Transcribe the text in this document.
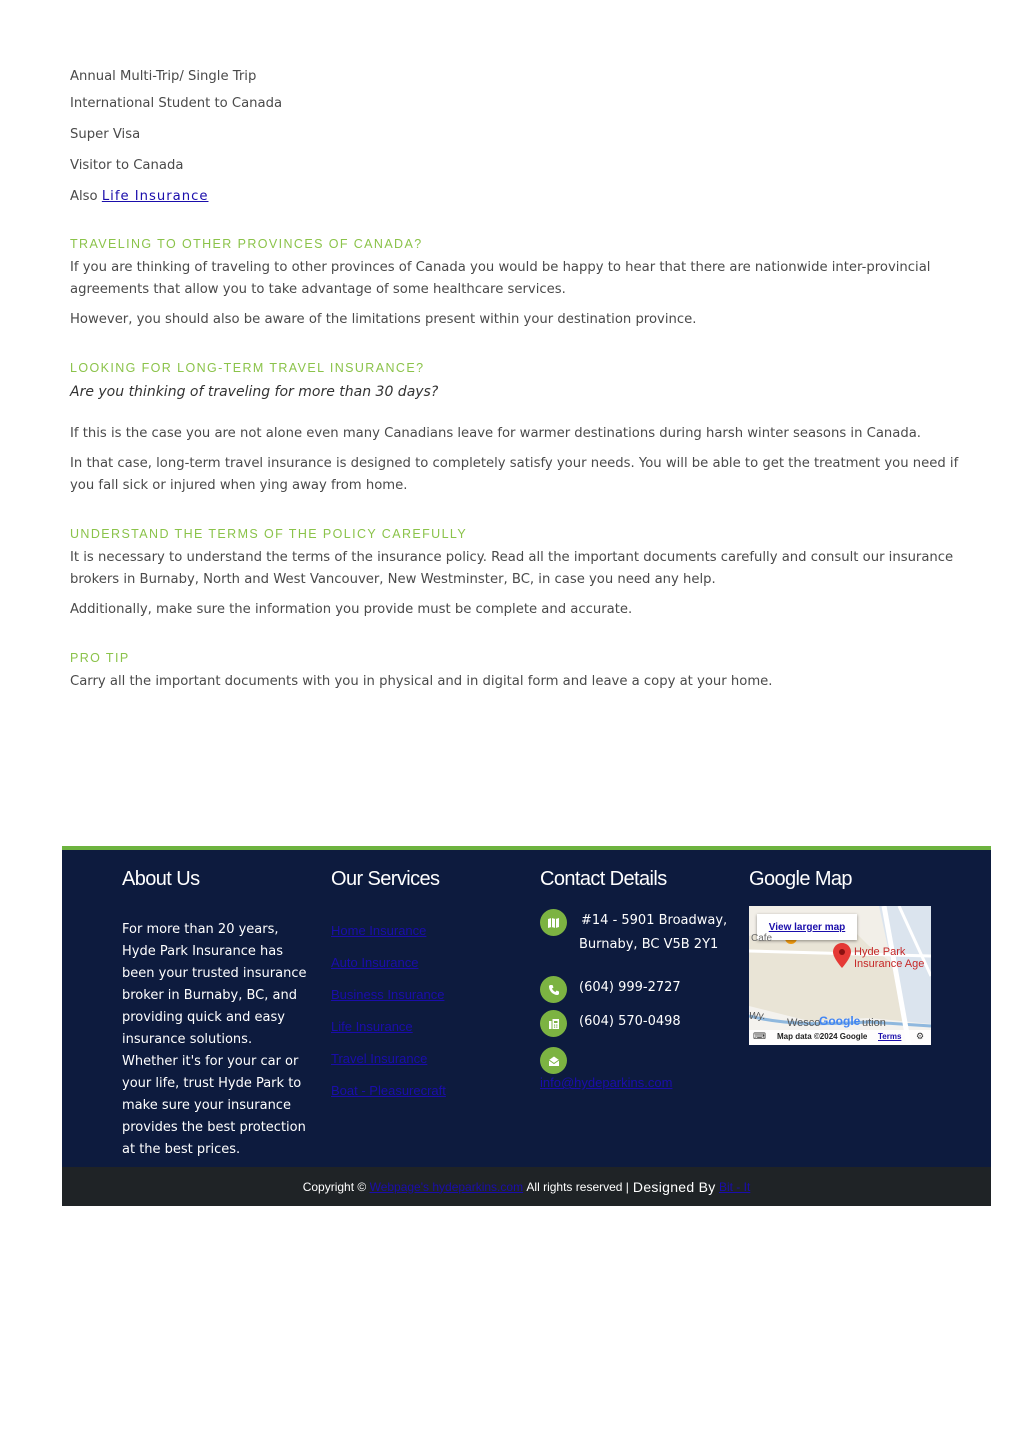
Annual Multi-Trip/ Single Trip

International Student to Canada

Super Visa

Visitor to Canada

Also Life Insurance

TRAVELING TO OTHER PROVINCES OF CANADA?

If you are thinking of traveling to other provinces of Canada you would be happy to hear that there are nationwide inter-provincial agreements that allow you to take advantage of some healthcare services.

However, you should also be aware of the limitations present within your destination province.

LOOKING FOR LONG-TERM TRAVEL INSURANCE?

Are you thinking of traveling for more than 30 days?

If this is the case you are not alone even many Canadians leave for warmer destinations during harsh winter seasons in Canada.

In that case, long-term travel insurance is designed to completely satisfy your needs. You will be able to get the treatment you need if you fall sick or injured when ying away from home.

UNDERSTAND THE TERMS OF THE POLICY CAREFULLY

It is necessary to understand the terms of the insurance policy. Read all the important documents carefully and consult our insurance brokers in Burnaby, North and West Vancouver, New Westminster, BC, in case you need any help.

Additionally, make sure the information you provide must be complete and accurate.

PRO TIP

Carry all the important documents with you in physical and in digital form and leave a copy at your home.

About Us
For more than 20 years, Hyde Park Insurance has been your trusted insurance broker in Burnaby, BC, and providing quick and easy insurance solutions. Whether it's for your car or your life, trust Hyde Park to make sure your insurance provides the best protection at the best prices.
Our Services
Home Insurance
Auto Insurance
Business Insurance
Life Insurance
Travel Insurance
Boat - Pleasurecraft
Contact Details
#14 - 5901 Broadway,
Burnaby, BC V5B 2Y1
(604) 999-2727
(604) 570-0498
info@hydeparkins.com
Google Map
View larger map
Cafe
Hyde Park
Insurance Age
Wy.
Wesco
Google ution
⌨ Map data ©2024 Google Terms ⚙
Copyright ©
Webpage's hydeparkins.com
All rights reserved | Designed By
Bit - It
